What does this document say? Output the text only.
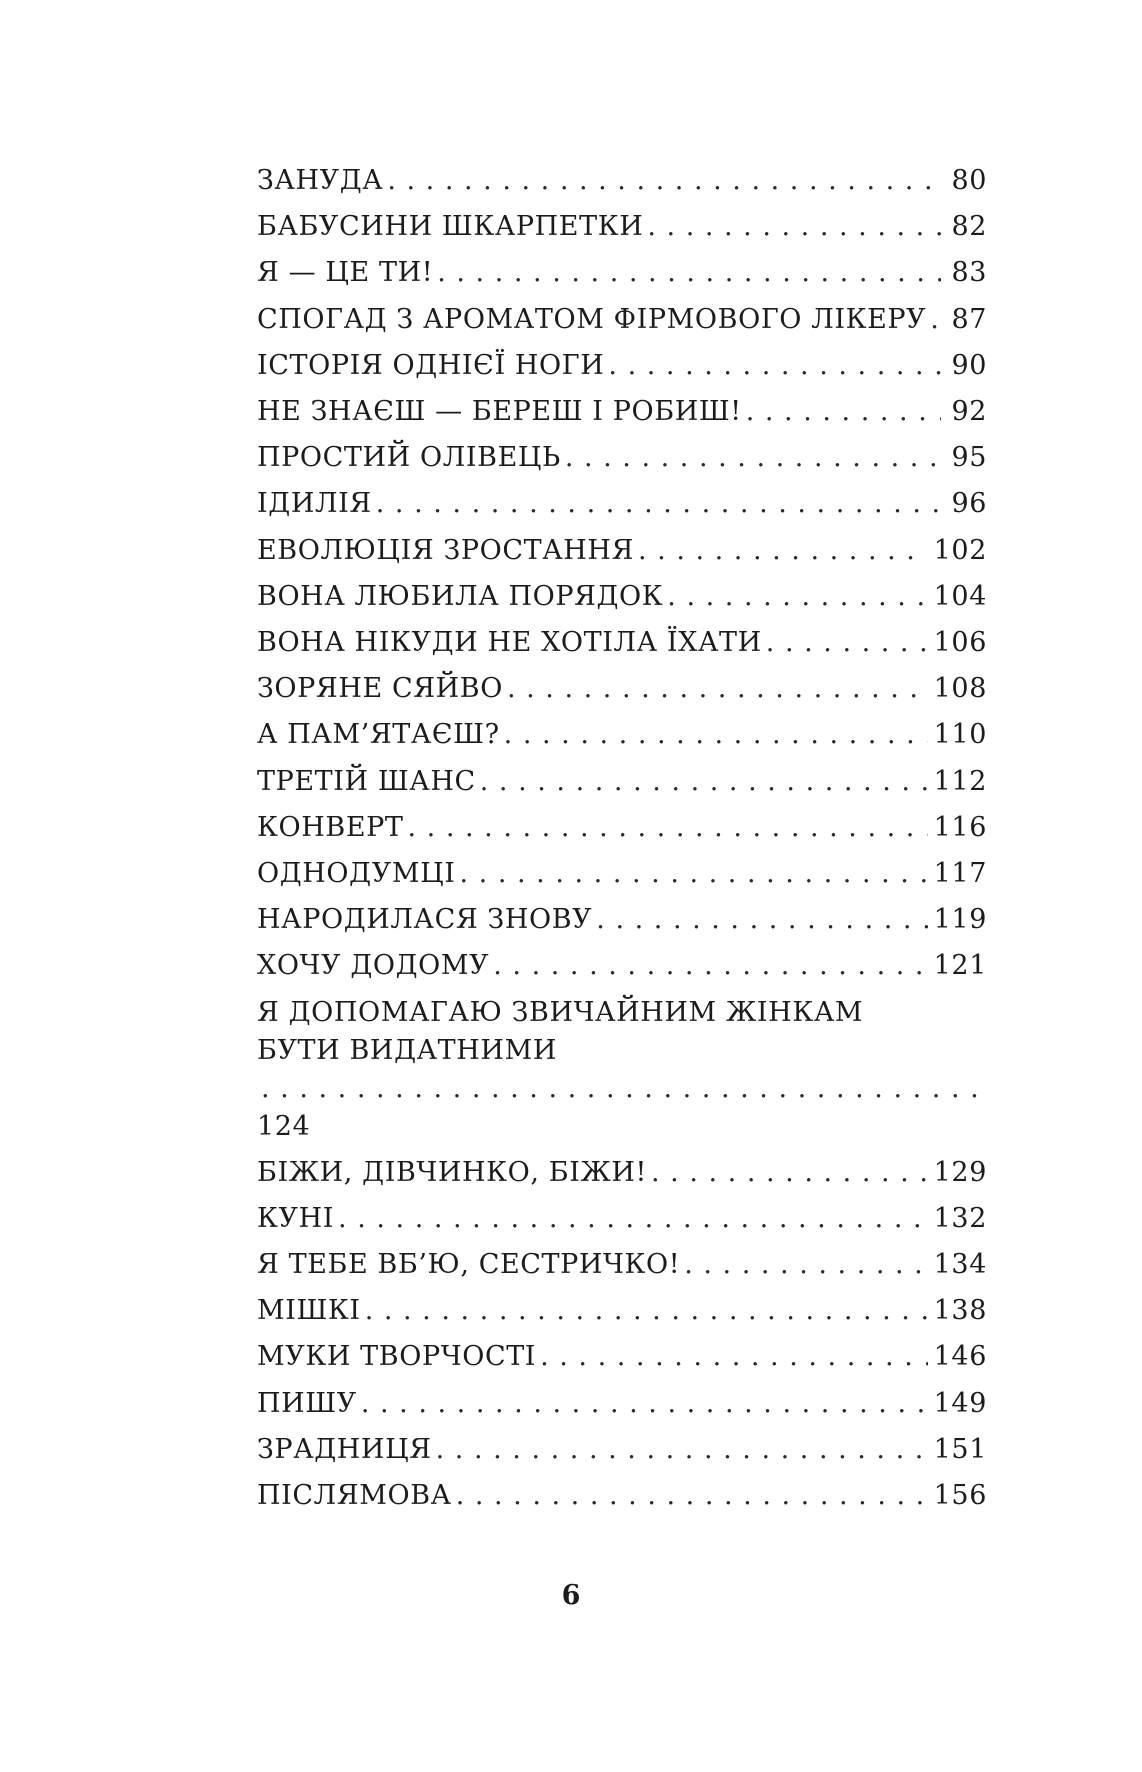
ЗАНУДА . . .	80
БАБУСИНИ ШКАРПЕТКИ . . .	82
Я — ЦЕ ТИ! . . .	83
СПОГАД З АРОМАТОМ ФІРМОВОГО ЛІКЕРУ . . . 87
ІСТОРІЯ ОДНІЄЇ НОГИ . . .	90
НЕ ЗНАЄШ — БЕРЕШ І РОБИШ! . . .	92
ПРОСТИЙ ОЛІВЕЦЬ . . .	95
ІДИЛІЯ . . .	96
ЕВОЛЮЦІЯ ЗРОСТАННЯ . . .	102
ВОНА ЛЮБИЛА ПОРЯДОК . . .	104
ВОНА НІКУДИ НЕ ХОТІЛА ЇХАТИ . . .	106
ЗОРЯНЕ СЯЙВО . . .	108
А ПАМ’ЯТАЄШ? . . .	110
ТРЕТІЙ ШАНС . . .	112
КОНВЕРТ . . .	116
ОДНОДУМЦІ . . .	117
НАРОДИЛАСЯ ЗНОВУ . . .	119
ХОЧУ ДОДОМУ . . .	121
Я ДОПОМАГАЮ ЗВИЧАЙНИМ ЖІНКАМ
БУТИ ВИДАТНИМИ
. . .
124
БІЖИ, ДІВЧИНКО, БІЖИ! . . .	129
КУНІ . . .	132
Я ТЕБЕ ВБ’Ю, СЕСТРИЧКО! . . .	134
МІШКІ . . .	138
МУКИ ТВОРЧОСТІ . . .	146
ПИШУ . . .	149
ЗРАДНИЦЯ . . .	151
ПІСЛЯМОВА . . .	156
6
